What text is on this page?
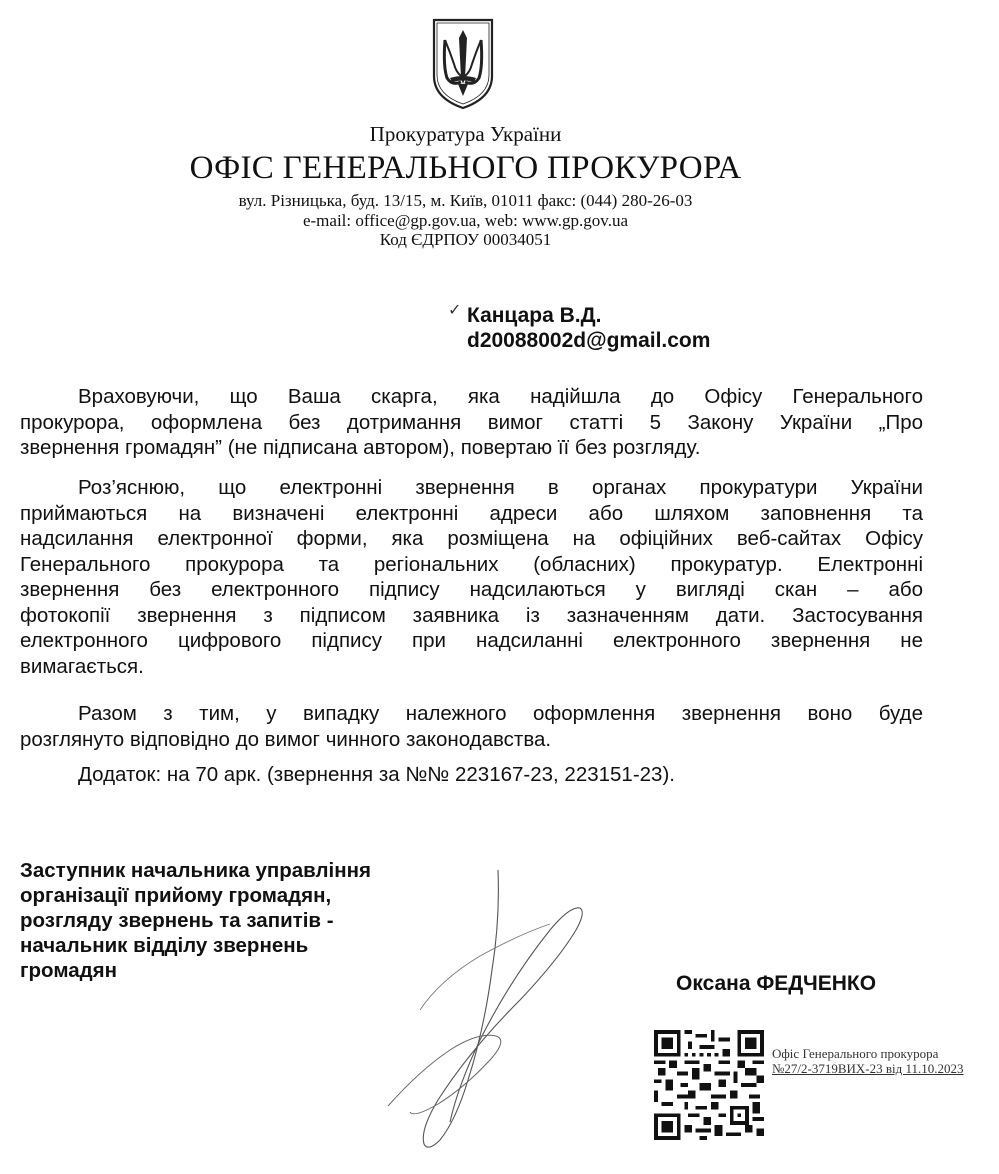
Прокуратура України
ОФІС ГЕНЕРАЛЬНОГО ПРОКУРОРА
вул. Різницька, буд. 13/15, м. Київ, 01011 факс: (044) 280-26-03
e-mail: office@gp.gov.ua, web: www.gp.gov.ua
Код ЄДРПОУ 00034051
✓ Канцара В.Д.
d20088002d@gmail.com
Враховуючи, що Ваша скарга, яка надійшла до Офісу Генерального
прокурора, оформлена без дотримання вимог статті 5 Закону України „Про
звернення громадян” (не підписана автором), повертаю її без розгляду.
Роз’яснюю, що електронні звернення в органах прокуратури України
приймаються на визначені електронні адреси або шляхом заповнення та
надсилання електронної форми, яка розміщена на офіційних веб-сайтах Офісу
Генерального прокурора та регіональних (обласних) прокуратур. Електронні
звернення без електронного підпису надсилаються у вигляді скан – або
фотокопії звернення з підписом заявника із зазначенням дати. Застосування
електронного цифрового підпису при надсиланні електронного звернення не
вимагається.
Разом з тим, у випадку належного оформлення звернення воно буде
розглянуто відповідно до вимог чинного законодавства.
Додаток: на 70 арк. (звернення за №№ 223167-23, 223151-23).
Заступник начальника управління
організації прийому громадян,
розгляду звернень та запитів -
начальник відділу звернень
громадян
Оксана ФЕДЧЕНКО
Офіс Генерального прокурора
№27/2-3719ВИХ-23 від 11.10.2023
